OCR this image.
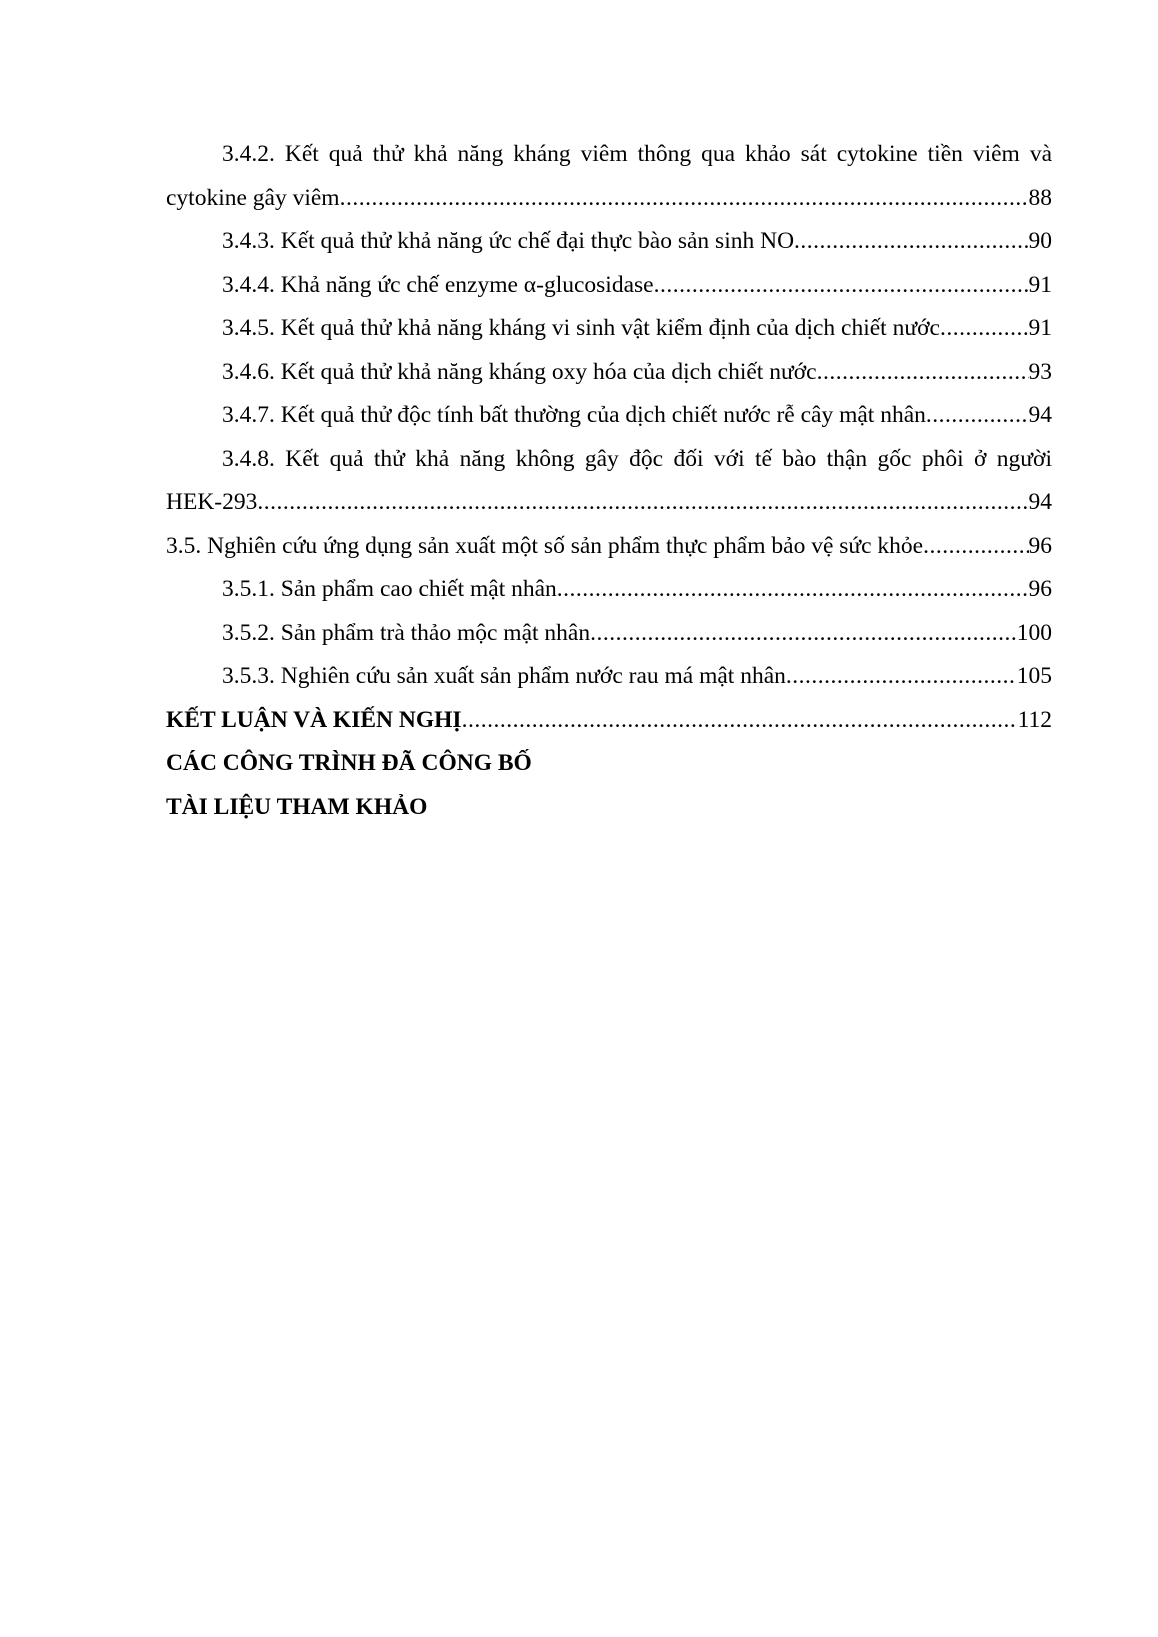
3.4.2. Kết quả thử khả năng kháng viêm thông qua khảo sát cytokine tiền viêm và
cytokine gây viêm .....	88
3.4.3. Kết quả thử khả năng ức chế đại thực bào sản sinh NO .....	90
3.4.4. Khả năng ức chế enzyme α-glucosidase .....	91
3.4.5. Kết quả thử khả năng kháng vi sinh vật kiểm định của dịch chiết nước .....	91
3.4.6. Kết quả thử khả năng kháng oxy hóa của dịch chiết nước .....	93
3.4.7. Kết quả thử độc tính bất thường của dịch chiết nước rễ cây mật nhân .....	94
3.4.8. Kết quả thử khả năng không gây độc đối với tế bào thận gốc phôi ở người
HEK-293 .....	94
3.5. Nghiên cứu ứng dụng sản xuất một số sản phẩm thực phẩm bảo vệ sức khỏe .....	96
3.5.1. Sản phẩm cao chiết mật nhân .....	96
3.5.2. Sản phẩm trà thảo mộc mật nhân .....	100
3.5.3. Nghiên cứu sản xuất sản phẩm nước rau má mật nhân .....	105
KẾT LUẬN VÀ KIẾN NGHỊ .....	112
CÁC CÔNG TRÌNH ĐÃ CÔNG BỐ
TÀI LIỆU THAM KHẢO
